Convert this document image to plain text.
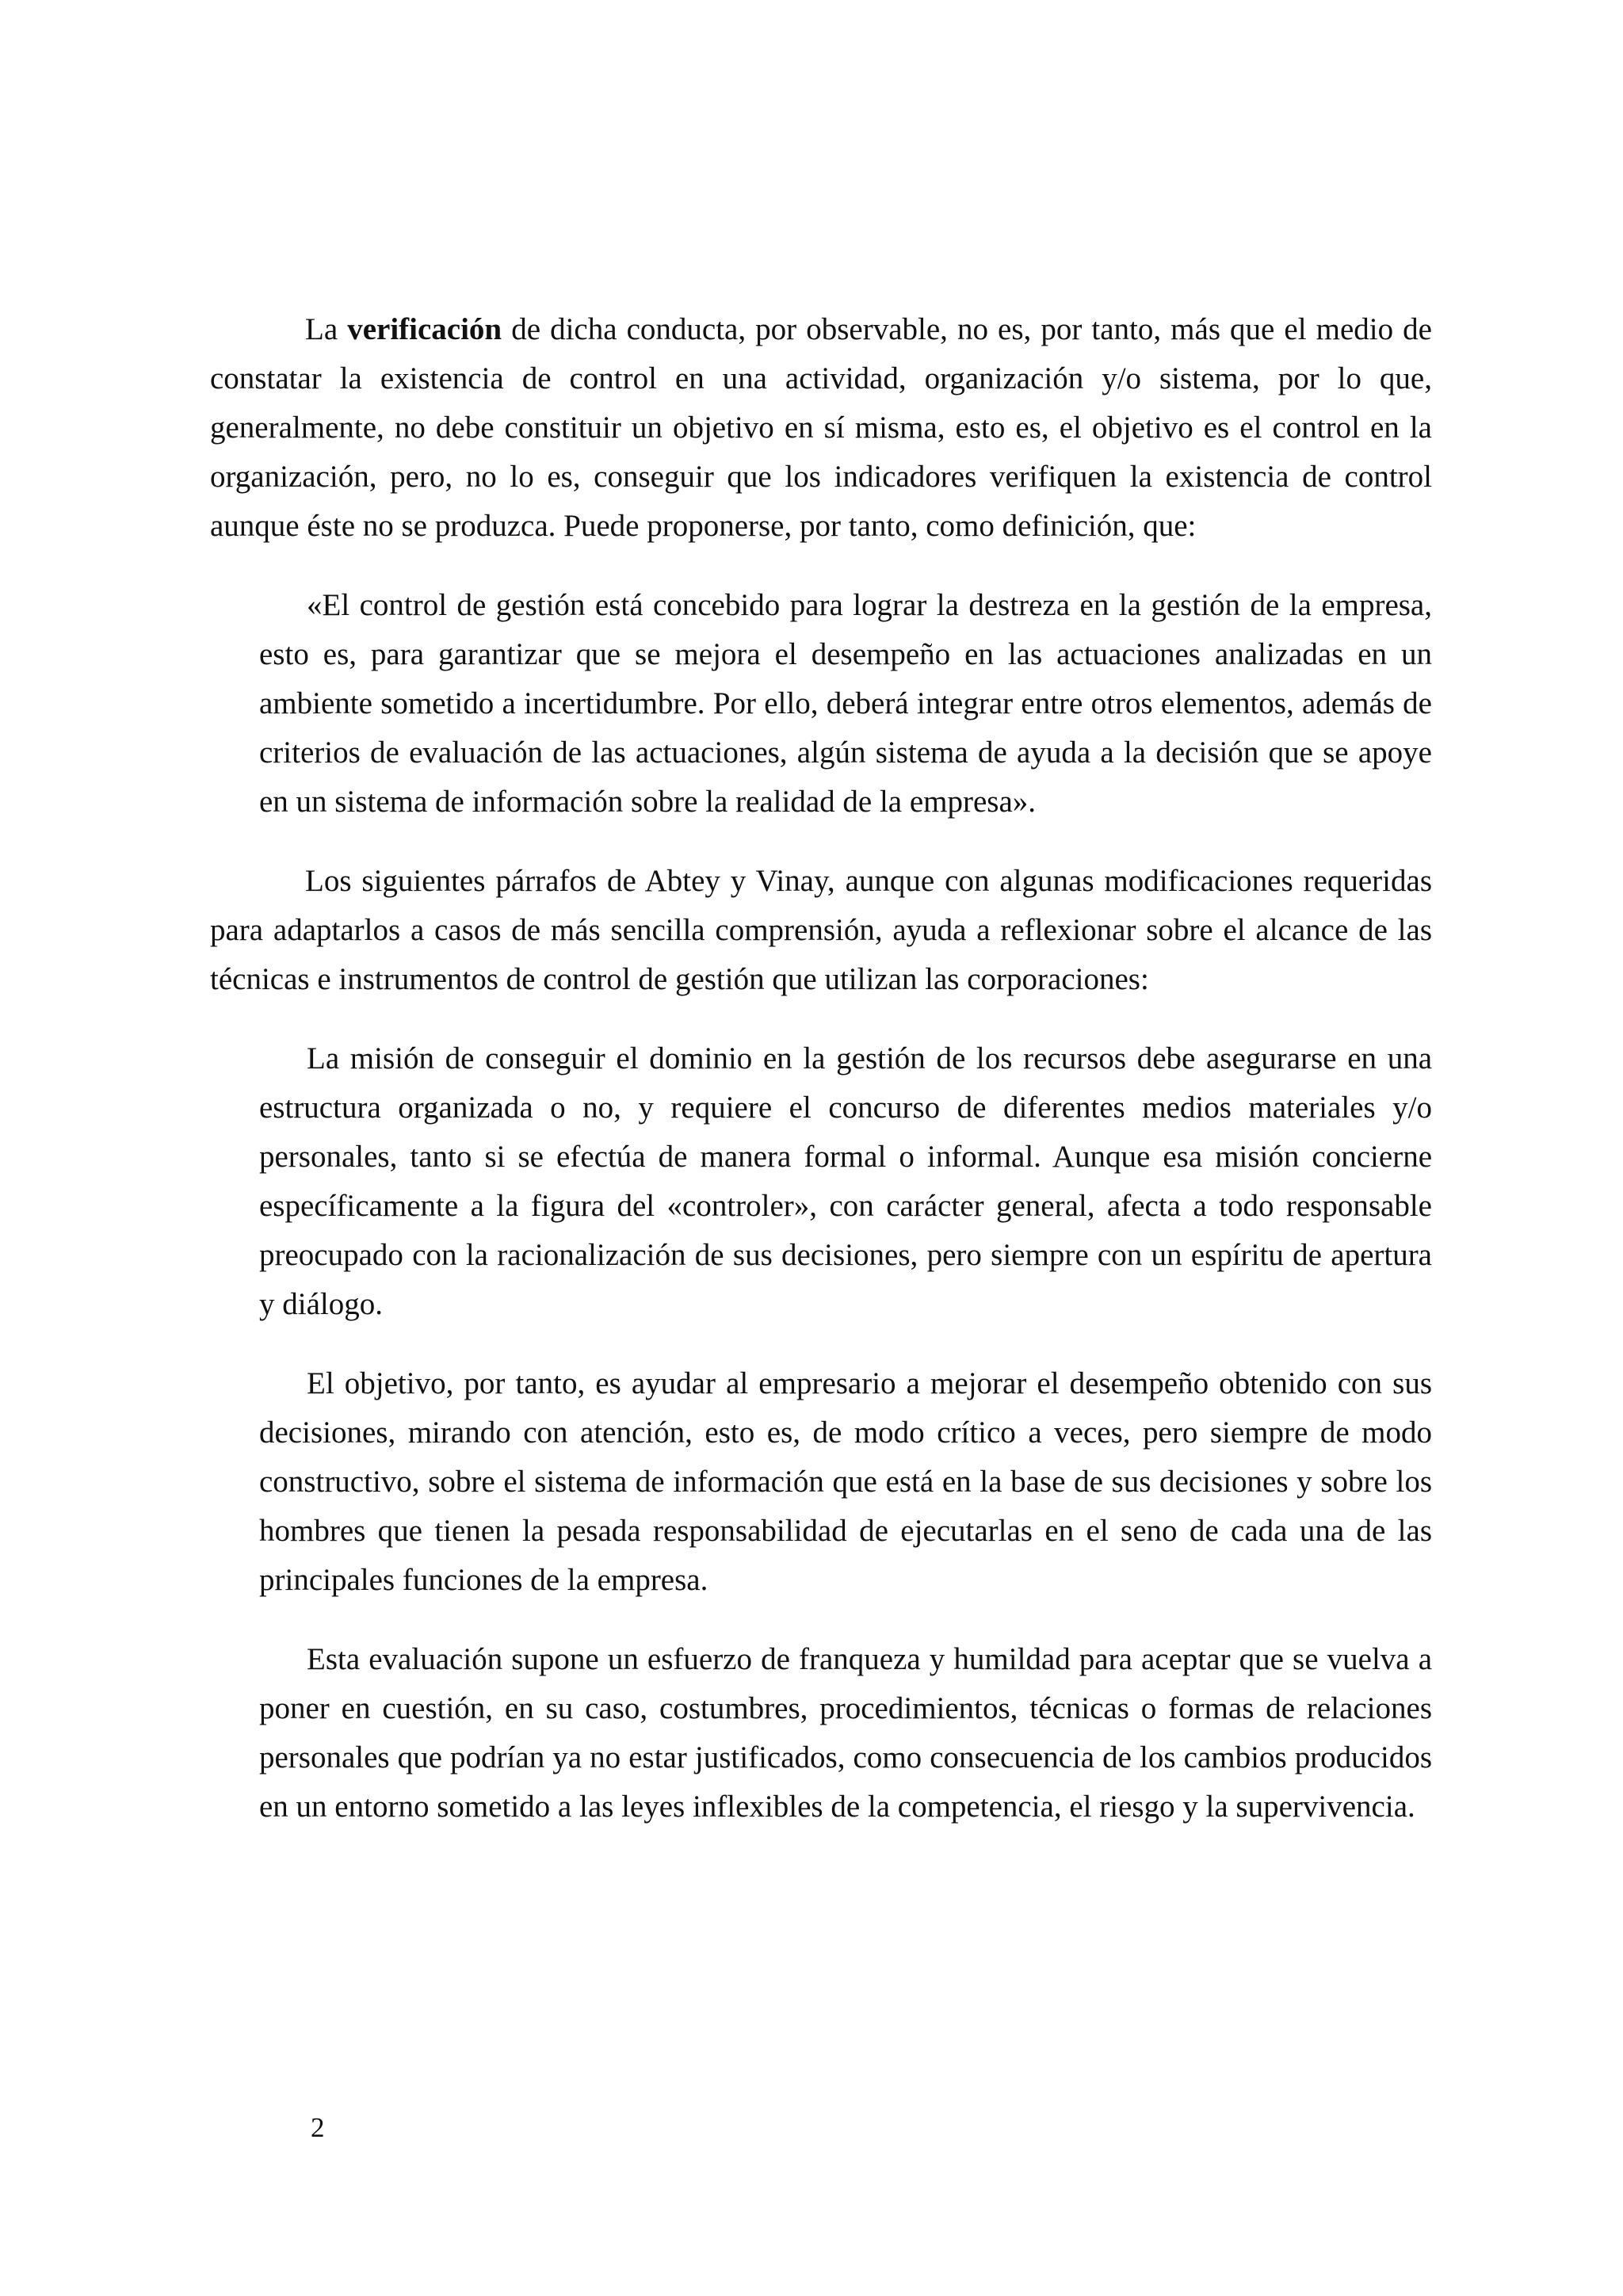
La verificación de dicha conducta, por observable, no es, por tanto, más que el medio de constatar la existencia de control en una actividad, organización y/o sistema, por lo que, generalmente, no debe constituir un objetivo en sí misma, esto es, el objetivo es el control en la organización, pero, no lo es, conseguir que los indicadores verifiquen la existencia de control aunque éste no se produzca. Puede proponerse, por tanto, como definición, que:

«El control de gestión está concebido para lograr la destreza en la gestión de la empresa, esto es, para garantizar que se mejora el desempeño en las actuaciones analizadas en un ambiente sometido a incertidumbre. Por ello, deberá integrar entre otros elementos, además de criterios de evaluación de las actuaciones, algún sistema de ayuda a la decisión que se apoye en un sistema de información sobre la realidad de la empresa».

Los siguientes párrafos de Abtey y Vinay, aunque con algunas modificaciones requeridas para adaptarlos a casos de más sencilla comprensión, ayuda a reflexionar sobre el alcance de las técnicas e instrumentos de control de gestión que utilizan las corporaciones:

La misión de conseguir el dominio en la gestión de los recursos debe asegurarse en una estructura organizada o no, y requiere el concurso de diferentes medios materiales y/o personales, tanto si se efectúa de manera formal o informal. Aunque esa misión concierne específicamente a la figura del «controler», con carácter general, afecta a todo responsable preocupado con la racionalización de sus decisiones, pero siempre con un espíritu de apertura y diálogo.

El objetivo, por tanto, es ayudar al empresario a mejorar el desempeño obtenido con sus decisiones, mirando con atención, esto es, de modo crítico a veces, pero siempre de modo constructivo, sobre el sistema de información que está en la base de sus decisiones y sobre los hombres que tienen la pesada responsabilidad de ejecutarlas en el seno de cada una de las principales funciones de la empresa.

Esta evaluación supone un esfuerzo de franqueza y humildad para aceptar que se vuelva a poner en cuestión, en su caso, costumbres, procedimientos, técnicas o formas de relaciones personales que podrían ya no estar justificados, como consecuencia de los cambios producidos en un entorno sometido a las leyes inflexibles de la competencia, el riesgo y la supervivencia.

2
